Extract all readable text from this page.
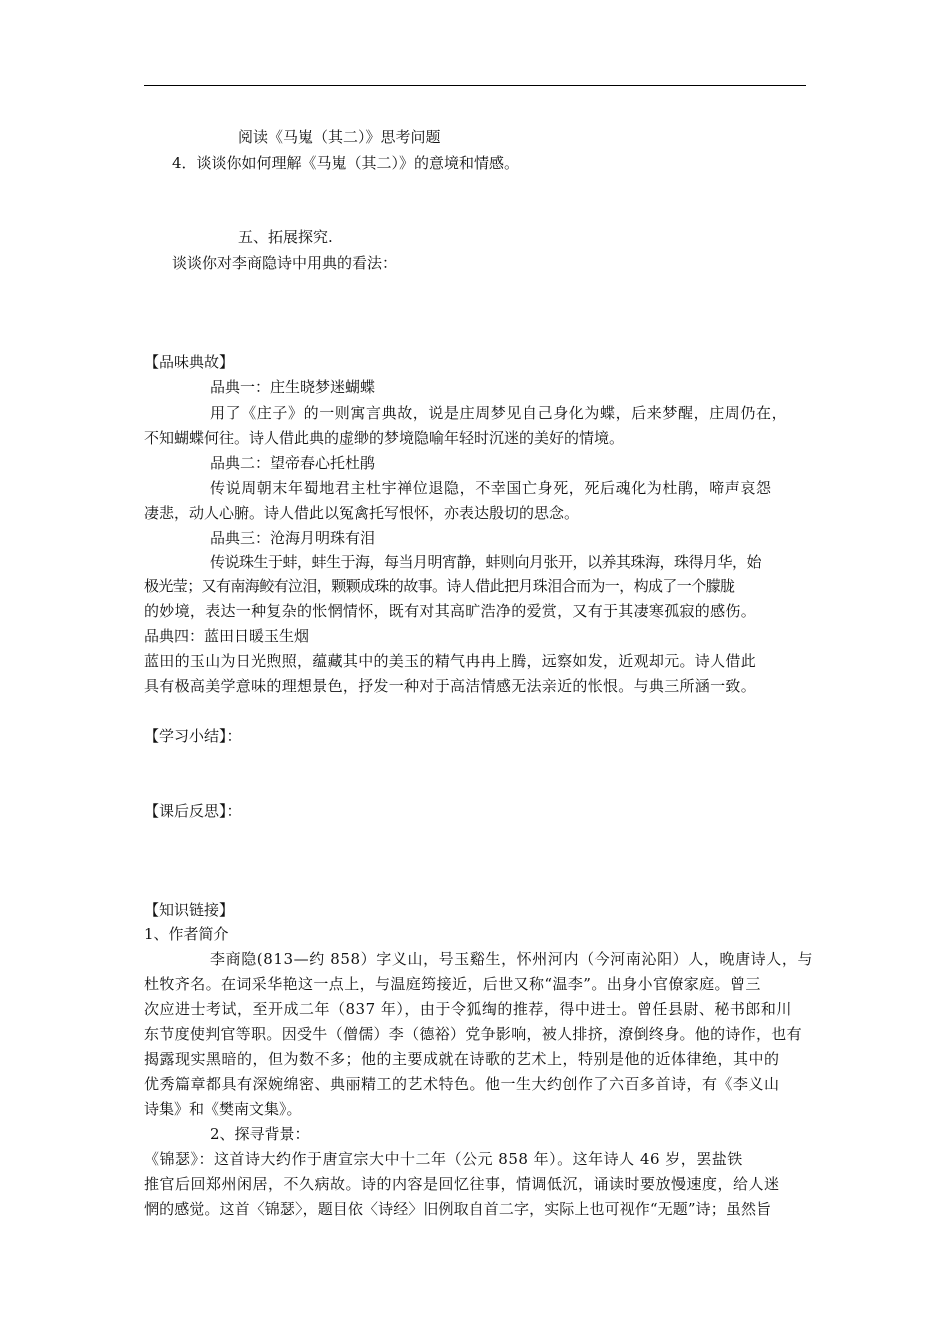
阅读《马嵬（其二）》思考问题
4．谈谈你如何理解《马嵬（其二）》的意境和情感。
五、拓展探究.
谈谈你对李商隐诗中用典的看法：
【品味典故】
品典一：庄生晓梦迷蝴蝶
用了《庄子》的一则寓言典故，说是庄周梦见自己身化为蝶，后来梦醒，庄周仍在，
不知蝴蝶何往。诗人借此典的虚缈的梦境隐喻年轻时沉迷的美好的情境。
品典二：望帝春心托杜鹃
传说周朝末年蜀地君主杜宇禅位退隐，不幸国亡身死，死后魂化为杜鹃，啼声哀怨
凄悲，动人心腑。诗人借此以冤禽托写恨怀，亦表达殷切的思念。
品典三：沧海月明珠有泪
传说珠生于蚌，蚌生于海，每当月明宵静，蚌则向月张开，以养其珠海，珠得月华，始
极光莹；又有南海鲛有泣泪，颗颗成珠的故事。诗人借此把月珠泪合而为一，构成了一个朦胧
的妙境，表达一种复杂的怅惘情怀，既有对其高旷浩净的爱赏，又有于其凄寒孤寂的感伤。
品典四：蓝田日暖玉生烟
蓝田的玉山为日光煦照，蕴藏其中的美玉的精气冉冉上腾，远察如发，近观却元。诗人借此
具有极高美学意味的理想景色，抒发一种对于高洁情感无法亲近的怅恨。与典三所涵一致。
【学习小结】：
【课后反思】：
【知识链接】
1、作者简介
李商隐(813—约 858）字义山，号玉谿生，怀州河内（今河南沁阳）人，晚唐诗人，与
杜牧齐名。在词采华艳这一点上，与温庭筠接近，后世又称“温李”。出身小官僚家庭。曾三
次应进士考试，至开成二年（837 年），由于令狐绹的推荐，得中进士。曾任县尉、秘书郎和川
东节度使判官等职。因受牛（僧儒）李（德裕）党争影响，被人排挤，潦倒终身。他的诗作，也有
揭露现实黑暗的，但为数不多；他的主要成就在诗歌的艺术上，特别是他的近体律绝，其中的
优秀篇章都具有深婉绵密、典丽精工的艺术特色。他一生大约创作了六百多首诗，有《李义山
诗集》和《樊南文集》。
2、探寻背景：
《锦瑟》：这首诗大约作于唐宣宗大中十二年（公元 858 年）。这年诗人 46 岁，罢盐铁
推官后回郑州闲居，不久病故。诗的内容是回忆往事，情调低沉，诵读时要放慢速度，给人迷
惘的感觉。这首〈锦瑟〉，题目依〈诗经〉旧例取自首二字，实际上也可视作“无题”诗；虽然旨
